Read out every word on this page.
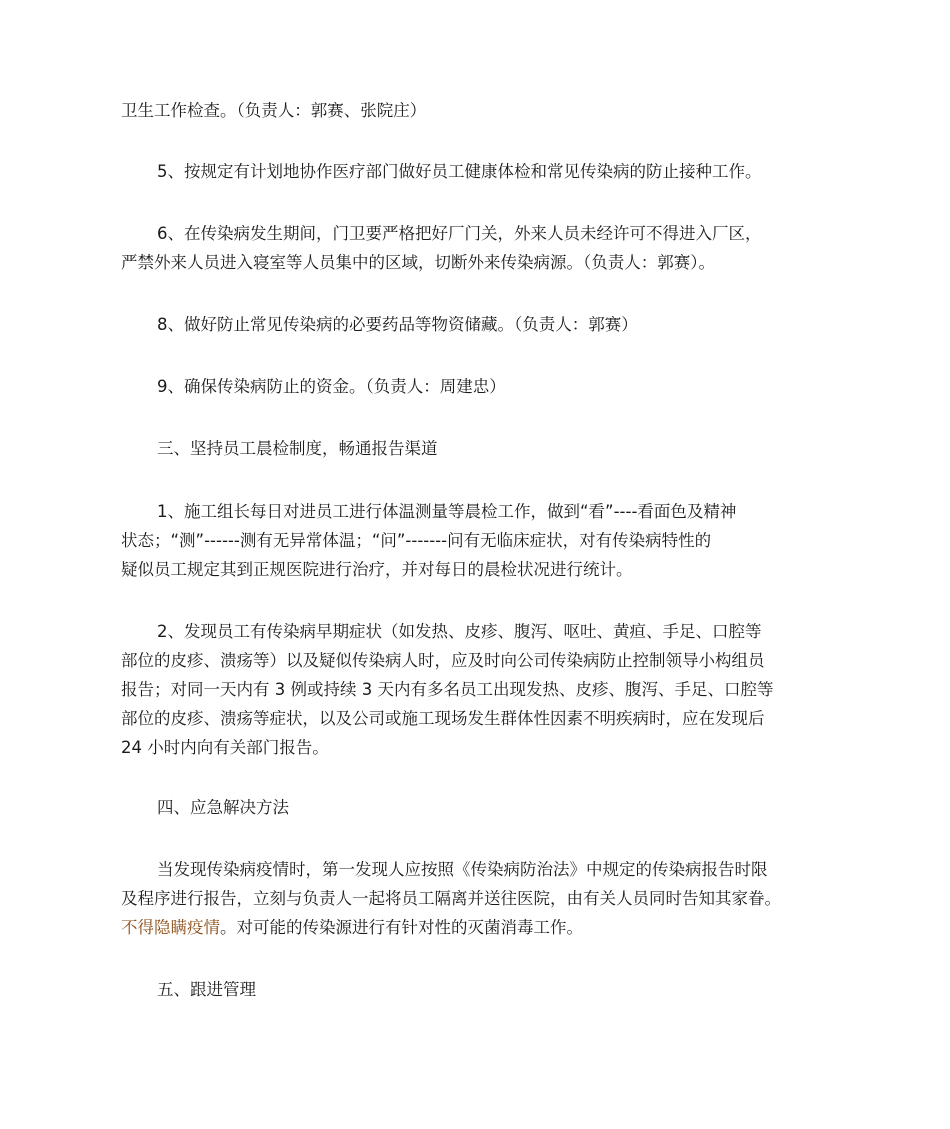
卫生工作检查。（负责人：郭赛、张院庄）
5、按规定有计划地协作医疗部门做好员工健康体检和常见传染病的防止接种工作。
6、在传染病发生期间，门卫要严格把好厂门关，外来人员未经许可不得进入厂区，
严禁外来人员进入寝室等人员集中的区域，切断外来传染病源。（负责人：郭赛）。
8、做好防止常见传染病的必要药品等物资储藏。（负责人：郭赛）
9、确保传染病防止的资金。（负责人：周建忠）
三、坚持员工晨检制度，畅通报告渠道
1、施工组长每日对进员工进行体温测量等晨检工作，做到“看”----看面色及精神
状态；“测”------测有无异常体温；“问”-------问有无临床症状，对有传染病特性的
疑似员工规定其到正规医院进行治疗，并对每日的晨检状况进行统计。
2、发现员工有传染病早期症状（如发热、皮疹、腹泻、呕吐、黄疸、手足、口腔等
部位的皮疹、溃疡等）以及疑似传染病人时，应及时向公司传染病防止控制领导小构组员
报告；对同一天内有 3 例或持续 3 天内有多名员工出现发热、皮疹、腹泻、手足、口腔等
部位的皮疹、溃疡等症状，以及公司或施工现场发生群体性因素不明疾病时，应在发现后
24 小时内向有关部门报告。
四、应急解决方法
当发现传染病疫情时，第一发现人应按照《传染病防治法》中规定的传染病报告时限
及程序进行报告，立刻与负责人一起将员工隔离并送往医院，由有关人员同时告知其家眷。
不得隐瞒疫情。对可能的传染源进行有针对性的灭菌消毒工作。
五、跟进管理
